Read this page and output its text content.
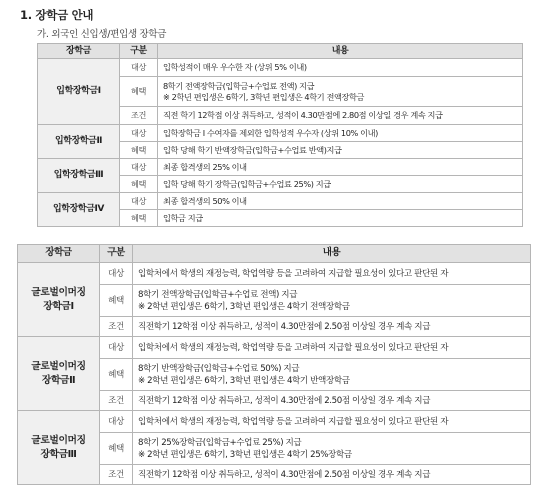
1. 장학금 안내
가. 외국인 신입생/편입생 장학금
장학금	구분	내용
입학장학금Ⅰ	대상	입학성적이 매우 우수한 자 (상위 5% 이내)
	혜택	8학기 전액장학금(입학금+수업료 전액) 지급
※ 2학년 편입생은 6학기, 3학년 편입생은 4학기 전액장학금

	조건	직전 학기 12학점 이상 취득하고, 성적이 4.30만점에 2.80점 이상일 경우 계속 지급
입학장학금Ⅱ	대상	입학장학금 I 수여자를 제외한 입학성적 우수자 (상위 10% 이내)
	혜택	입학 당해 학기 반액장학금(입학금+수업료 반액)지급
입학장학금Ⅲ	대상	최종 합격생의 25% 이내
	혜택	입학 당해 학기 장학금(입학금+수업료 25%) 지급
입학장학금Ⅳ	대상	최종 합격생의 50% 이내
	혜택	입학금 지급
장학금	구분	내용

글로벌이머징
장학금Ⅰ	대상	입학처에서 학생의 재정능력, 학업역량 등을 고려하여 지급할 필요성이 있다고 판단된 자
	혜택	8학기 전액장학금(입학금+수업료 전액) 지급
※ 2학년 편입생은 6학기, 3학년 편입생은 4학기 전액장학금

	조건	직전학기 12학점 이상 취득하고, 성적이 4.30만점에 2.50점 이상일 경우 계속 지급

글로벌이머징
장학금Ⅱ	대상	입학처에서 학생의 재정능력, 학업역량 등을 고려하여 지급할 필요성이 있다고 판단된 자
	혜택	8학기 반액장학금(입학금+수업료 50%) 지급
※ 2학년 편입생은 6학기, 3학년 편입생은 4학기 반액장학금

	조건	직전학기 12학점 이상 취득하고, 성적이 4.30만점에 2.50점 이상일 경우 계속 지급

글로벌이머징
장학금Ⅲ	대상	입학처에서 학생의 재정능력, 학업역량 등을 고려하여 지급할 필요성이 있다고 판단된 자
	혜택	8학기 25%장학금(입학금+수업료 25%) 지급
※ 2학년 편입생은 6학기, 3학년 편입생은 4학기 25%장학금

	조건	직전학기 12학점 이상 취득하고, 성적이 4.30만점에 2.50점 이상일 경우 계속 지급
